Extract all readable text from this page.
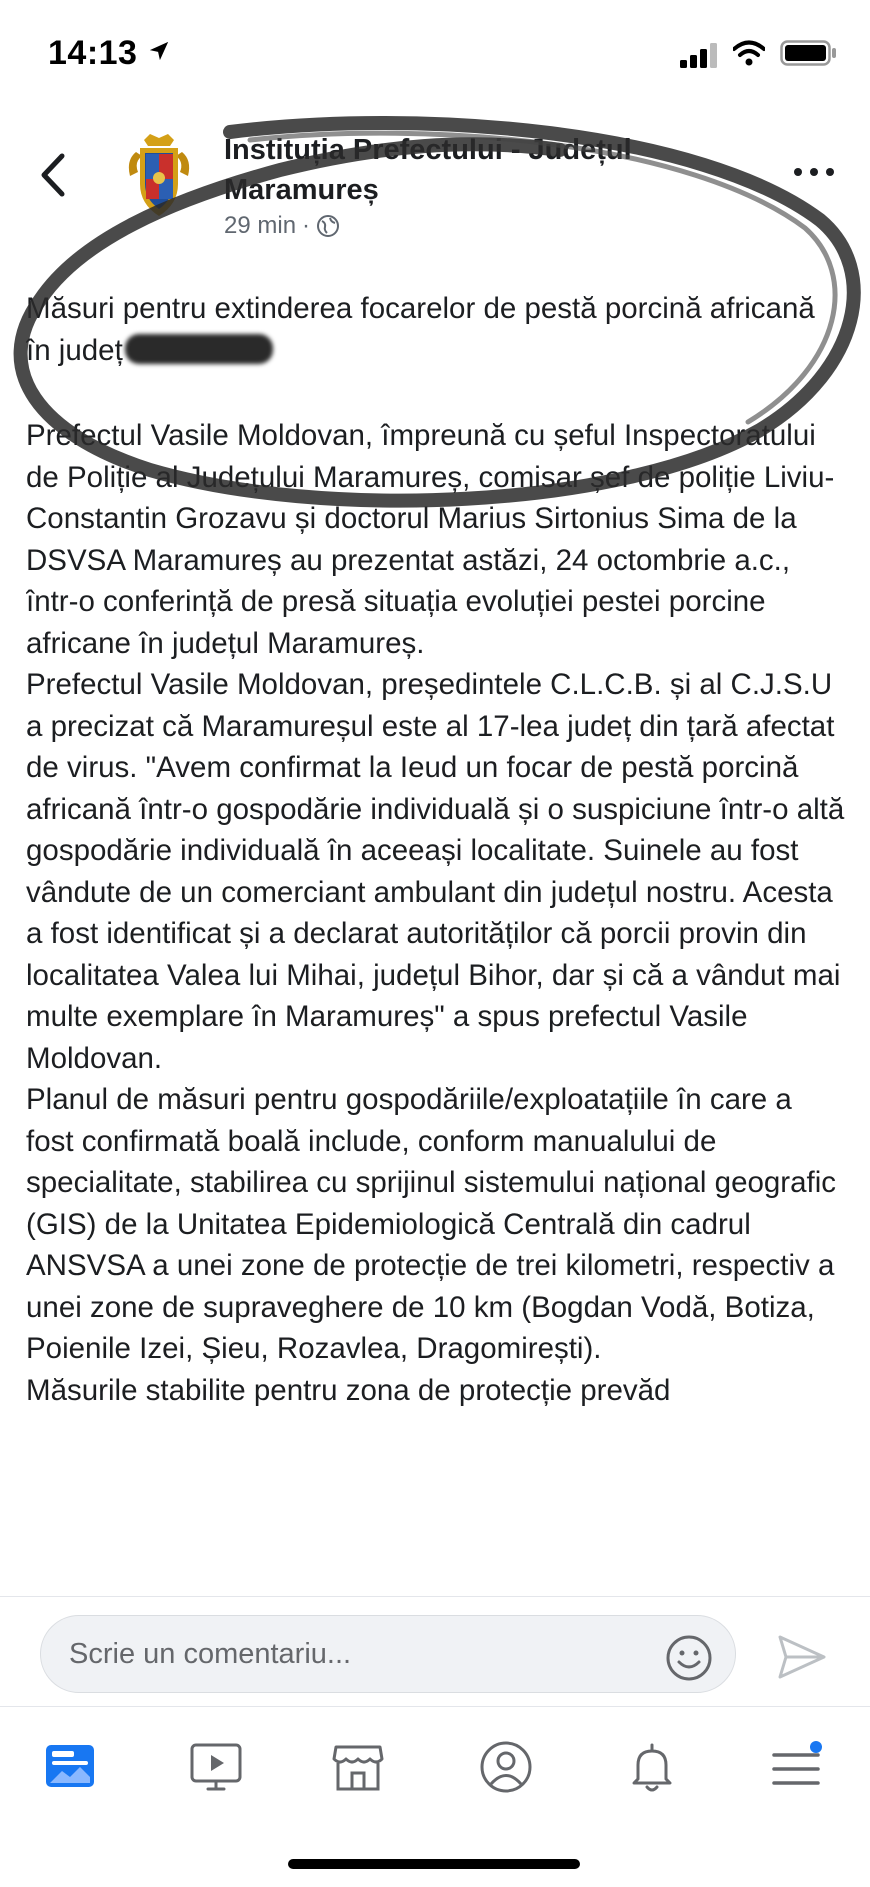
14:13
Instituția Prefectului - Județul Maramureș
29 min ·

Măsuri pentru extinderea focarelor de pestă porcină africană în județ

Prefectul Vasile Moldovan, împreună cu șeful Inspectoratului de Poliție al Județului Maramureș, comisar șef de poliție Liviu-Constantin Grozavu și doctorul Marius Sirtonius Sima de la DSVSA Maramureș au prezentat astăzi, 24 octombrie a.c., într-o conferință de presă situația evoluției pestei porcine africane în județul Maramureș.

Prefectul Vasile Moldovan, președintele C.L.C.B. și al C.J.S.U a precizat că Maramureșul este al 17-lea județ din țară afectat de virus. "Avem confirmat la Ieud un focar de pestă porcină africană într-o gospodărie individuală și o suspiciune într-o altă gospodărie individuală în aceeași localitate. Suinele au fost vândute de un comerciant ambulant din județul nostru. Acesta a fost identificat și a declarat autorităților că porcii provin din localitatea Valea lui Mihai, județul Bihor, dar și că a vândut mai multe exemplare în Maramureș" a spus prefectul Vasile Moldovan.

Planul de măsuri pentru gospodăriile/exploatațiile în care a fost confirmată boală include, conform manualului de specialitate, stabilirea cu sprijinul sistemului național geografic (GIS) de la Unitatea Epidemiologică Centrală din cadrul ANSVSA a unei zone de protecție de trei kilometri, respectiv a unei zone de supraveghere de 10 km (Bogdan Vodă, Botiza, Poienile Izei, Șieu, Rozavlea, Dragomirești).

Măsurile stabilite pentru zona de protecție prevăd

Scrie un comentariu...
